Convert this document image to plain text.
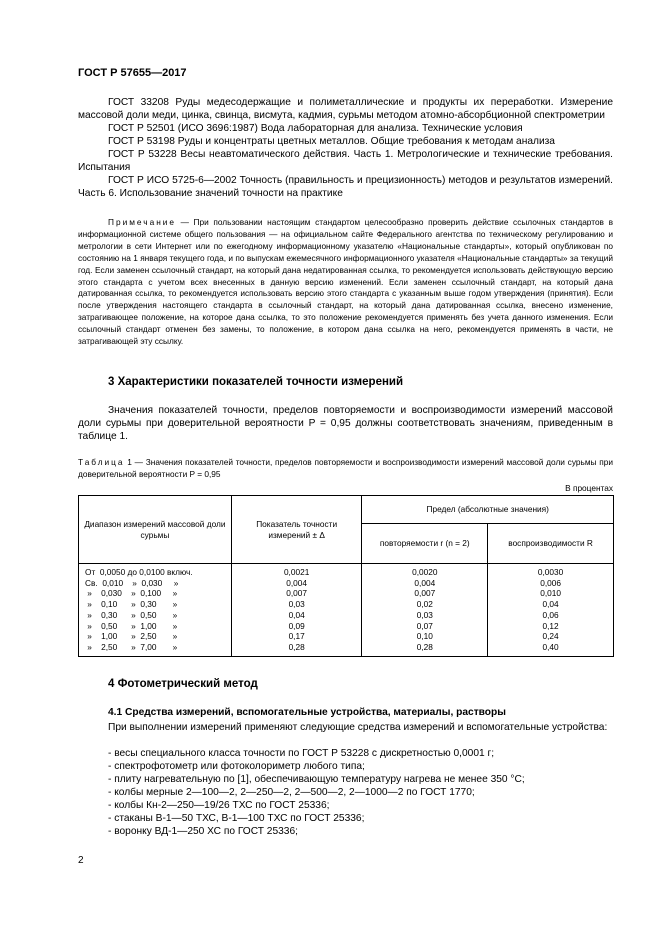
ГОСТ Р 57655—2017

ГОСТ 33208 Руды медесодержащие и полиметаллические и продукты их переработки. Измерение массовой доли меди, цинка, свинца, висмута, кадмия, сурьмы методом атомно-абсорбционной спектрометрии

ГОСТ Р 52501 (ИСО 3696:1987) Вода лабораторная для анализа. Технические условия

ГОСТ Р 53198 Руды и концентраты цветных металлов. Общие требования к методам анализа

ГОСТ Р 53228 Весы неавтоматического действия. Часть 1. Метрологические и технические требования. Испытания

ГОСТ Р ИСО 5725-6—2002 Точность (правильность и прецизионность) методов и результатов измерений. Часть 6. Использование значений точности на практике

Примечание — При пользовании настоящим стандартом целесообразно проверить действие ссылочных стандартов в информационной системе общего пользования — на официальном сайте Федерального агентства по техническому регулированию и метрологии в сети Интернет или по ежегодному информационному указателю «Национальные стандарты», который опубликован по состоянию на 1 января текущего года, и по выпускам ежемесячного информационного указателя «Национальные стандарты» за текущий год. Если заменен ссылочный стандарт, на который дана недатированная ссылка, то рекомендуется использовать действующую версию этого стандарта с учетом всех внесенных в данную версию изменений. Если заменен ссылочный стандарт, на который дана датированная ссылка, то рекомендуется использовать версию этого стандарта с указанным выше годом утверждения (принятия). Если после утверждения настоящего стандарта в ссылочный стандарт, на который дана датированная ссылка, внесено изменение, затрагивающее положение, на которое дана ссылка, то это положение рекомендуется применять без учета данного изменения. Если ссылочный стандарт отменен без замены, то положение, в котором дана ссылка на него, рекомендуется применять в части, не затрагивающей эту ссылку.
3 Характеристики показателей точности измерений
Значения показателей точности, пределов повторяемости и воспроизводимости измерений массовой доли сурьмы при доверительной вероятности P = 0,95 должны соответствовать значениям, приведенным в таблице 1.
Таблица 1 — Значения показателей точности, пределов повторяемости и воспроизводимости измерений массовой доли сурьмы при доверительной вероятности P = 0,95
В процентах
Диапазон измерений массовой доли сурьмы	Показатель точности измерений ± Δ	Предел (абсолютные значения)	
		повторяемости r (n = 2)	воспроизводимости R
От  0,0050 до 0,0100 включ.	0,0021	0,0020	0,0030
Св.  0,010    »  0,030     »	0,004	0,004	0,006
»    0,030    »  0,100     »	0,007	0,007	0,010
»    0,10      »  0,30       »	0,03	0,02	0,04
»    0,30      »  0,50       »	0,04	0,03	0,06
»    0,50      »  1,00       »	0,09	0,07	0,12
»    1,00      »  2,50       »	0,17	0,10	0,24
»    2,50      »  7,00       »	0,28	0,28	0,40
4 Фотометрический метод
4.1 Средства измерений, вспомогательные устройства, материалы, растворы
При выполнении измерений применяют следующие средства измерений и вспомогательные устройства:
- весы специального класса точности по ГОСТ Р 53228 с дискретностью 0,0001 г;
- спектрофотометр или фотоколориметр любого типа;
- плиту нагревательную по [1], обеспечивающую температуру нагрева не менее 350 °С;
- колбы мерные 2—100—2, 2—250—2, 2—500—2, 2—1000—2 по ГОСТ 1770;
- колбы Кн-2—250—19/26 ТХС по ГОСТ 25336;
- стаканы В-1—50 ТХС, В-1—100 ТХС по ГОСТ 25336;
- воронку ВД-1—250 ХС по ГОСТ 25336;
2
